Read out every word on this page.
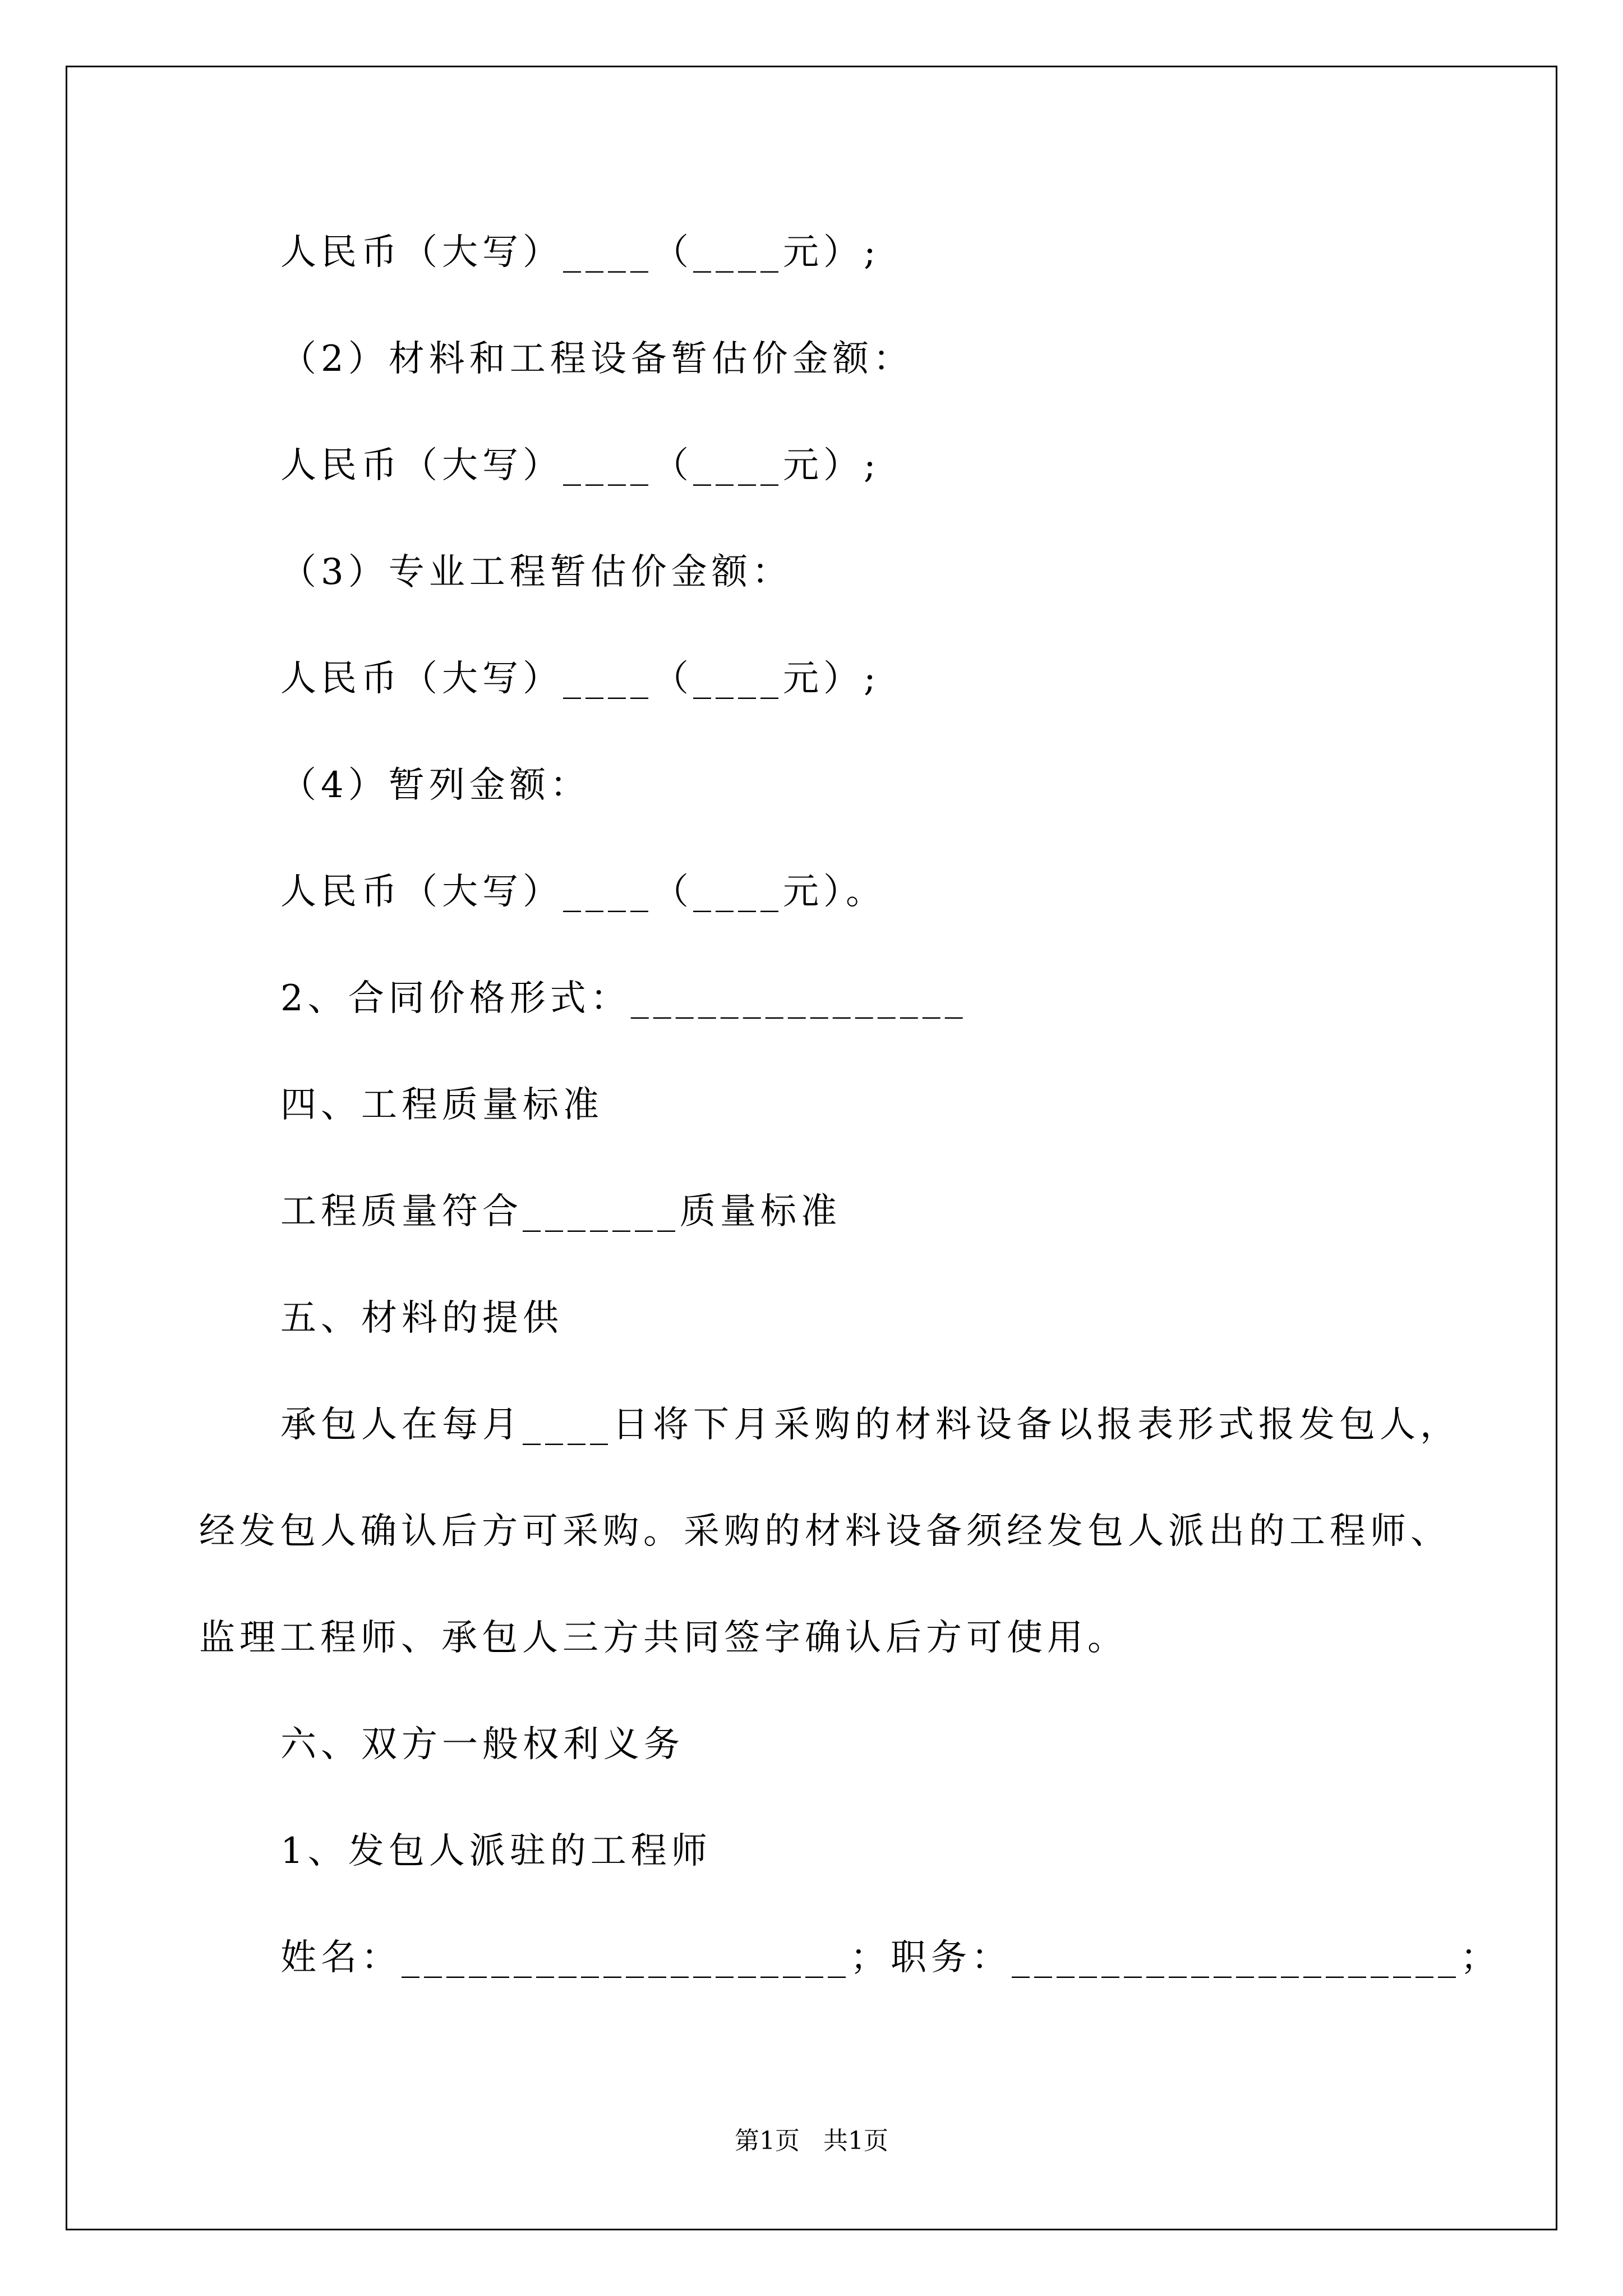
人民币（大写）____（____元）;
（2）材料和工程设备暂估价金额：
人民币（大写）____（____元）;
（3）专业工程暂估价金额：
人民币（大写）____（____元）;
（4）暂列金额：
人民币（大写）____（____元）。
2、合同价格形式：_______________
四、工程质量标准
工程质量符合_______质量标准
五、材料的提供
承包人在每月____日将下月采购的材料设备以报表形式报发包人，
经发包人确认后方可采购。采购的材料设备须经发包人派出的工程师、
监理工程师、承包人三方共同签字确认后方可使用。
六、双方一般权利义务
1、发包人派驻的工程师
姓名：____________________；职务：____________________；
第1页   共1页
